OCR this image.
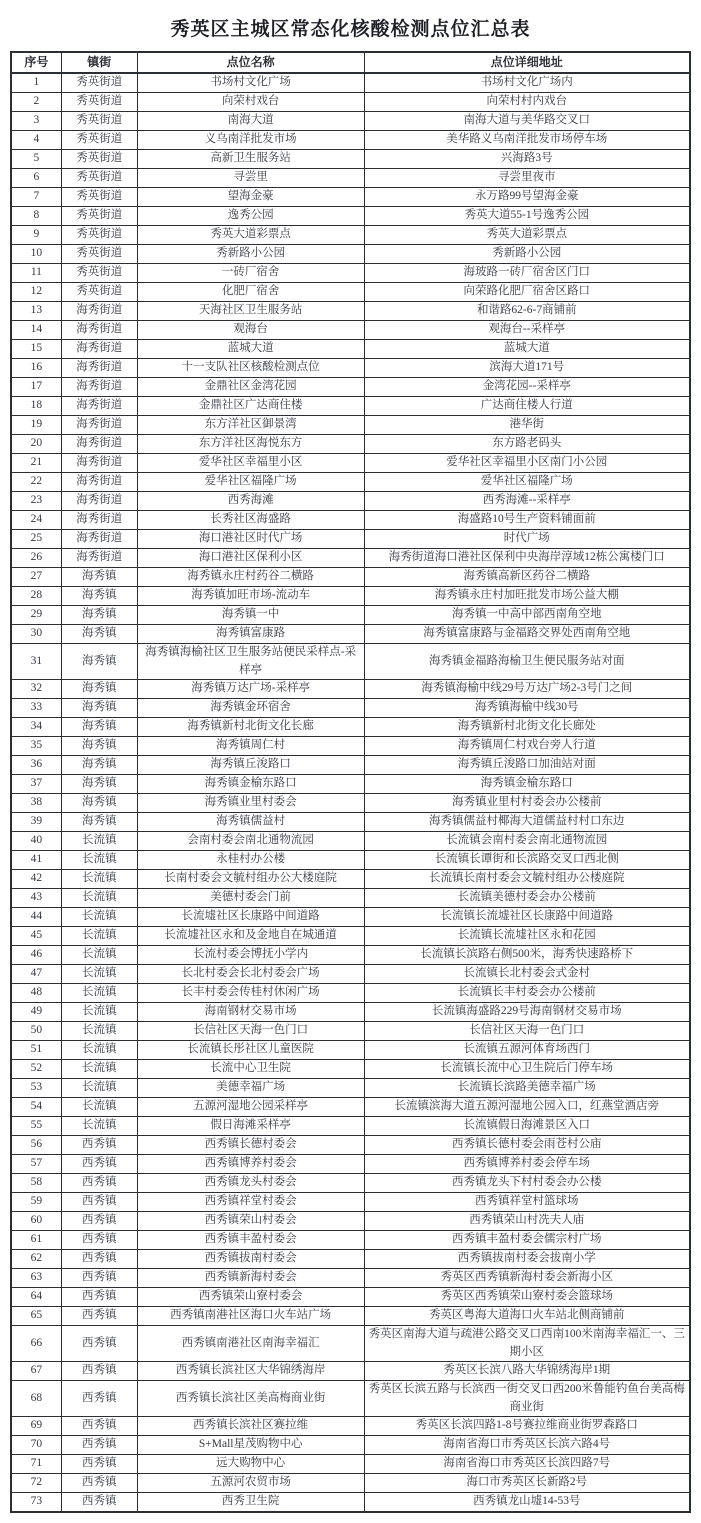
秀英区主城区常态化核酸检测点位汇总表
序号	镇街	点位名称	点位详细地址
1	秀英街道	书场村文化广场	书场村文化广场内
2	秀英街道	向荣村戏台	向荣村村内戏台
3	秀英街道	南海大道	南海大道与美华路交叉口
4	秀英街道	义乌南洋批发市场	美华路义乌南洋批发市场停车场
5	秀英街道	高新卫生服务站	兴海路3号
6	秀英街道	寻尝里	寻尝里夜市
7	秀英街道	望海金豪	永万路99号望海金豪
8	秀英街道	逸秀公园	秀英大道55-1号逸秀公园
9	秀英街道	秀英大道彩票点	秀英大道彩票点
10	秀英街道	秀新路小公园	秀新路小公园
11	秀英街道	一砖厂宿舍	海玻路一砖厂宿舍区门口
12	秀英街道	化肥厂宿舍	向荣路化肥厂宿舍区路口
13	海秀街道	天海社区卫生服务站	和谐路62-6-7商铺前
14	海秀街道	观海台	观海台--采样亭
15	海秀街道	蓝城大道	蓝城大道
16	海秀街道	十一支队社区核酸检测点位	滨海大道171号
17	海秀街道	金鼎社区金湾花园	金湾花园--采样亭
18	海秀街道	金鼎社区广达商住楼	广达商住楼人行道
19	海秀街道	东方洋社区御景湾	港华街
20	海秀街道	东方洋社区海悦东方	东方路老码头
21	海秀街道	爱华社区幸福里小区	爱华社区幸福里小区南门小公园
22	海秀街道	爱华社区福隆广场	爱华社区福隆广场
23	海秀街道	西秀海滩	西秀海滩--采样亭
24	海秀街道	长秀社区海盛路	海盛路10号生产资料铺面前
25	海秀街道	海口港社区时代广场	时代广场
26	海秀街道	海口港社区保利小区	海秀街道海口港社区保利中央海岸淳域12栋公寓楼门口
27	海秀镇	海秀镇永庄村药谷二横路	海秀镇高新区药谷二横路
28	海秀镇	海秀镇加旺市场-流动车	海秀镇永庄村加旺批发市场公益大棚
29	海秀镇	海秀镇一中	海秀镇一中高中部西南角空地
30	海秀镇	海秀镇富康路	海秀镇富康路与金福路交界处西南角空地
31	海秀镇	海秀镇海榆社区卫生服务站便民采样点-采样亭	海秀镇金福路海榆卫生便民服务站对面
32	海秀镇	海秀镇万达广场-采样亭	海秀镇海榆中线29号万达广场2-3号门之间
33	海秀镇	海秀镇金环宿舍	海秀镇海榆中线30号
34	海秀镇	海秀镇新村北街文化长廊	海秀镇新村北街文化长廊处
35	海秀镇	海秀镇周仁村	海秀镇周仁村戏台旁人行道
36	海秀镇	海秀镇丘浚路口	海秀镇丘浚路口加油站对面
37	海秀镇	海秀镇金榆东路口	海秀镇金榆东路口
38	海秀镇	海秀镇业里村委会	海秀镇业里村村委会办公楼前
39	海秀镇	海秀镇儒益村	海秀镇儒益村椰海大道儒益村村口东边
40	长流镇	会南村委会南北通物流园	长流镇会南村委会南北通物流园
41	长流镇	永桂村办公楼	长流镇长谭街和长滨路交叉口西北侧
42	长流镇	长南村委会文毓村组办公大楼庭院	长流镇长南村委会文毓村组办公楼庭院
43	长流镇	美德村委会门前	长流镇美德村委会办公楼前
44	长流镇	长流墟社区长康路中间道路	长流镇长流墟社区长康路中间道路
45	长流镇	长流墟社区永和及金地自在城通道	长流镇长流墟社区永和花园
46	长流镇	长流村委会博抚小学内	长流镇长滨路右侧500米，海秀快速路桥下
47	长流镇	长北村委会长北村委会广场	长流镇长北村委会式金村
48	长流镇	长丰村委会传桂村休闲广场	长流镇长丰村委会办公楼前
49	长流镇	海南钢材交易市场	长流镇海盛路229号海南钢材交易市场
50	长流镇	长信社区天海一色门口	长信社区天海一色门口
51	长流镇	长流镇长彤社区儿童医院	长流镇五源河体育场西门
52	长流镇	长流中心卫生院	长流镇长流中心卫生院后门停车场
53	长流镇	美德幸福广场	长流镇长滨路美德幸福广场
54	长流镇	五源河湿地公园采样亭	长流镇滨海大道五源河湿地公园入口，红燕堂酒店旁
55	长流镇	假日海滩采样亭	长流镇假日海滩景区入口
56	西秀镇	西秀镇长德村委会	西秀镇长德村委会雨苍村公庙
57	西秀镇	西秀镇博养村委会	西秀镇博养村委会停车场
58	西秀镇	西秀镇龙头村委会	西秀镇龙头下村村委会办公楼
59	西秀镇	西秀镇祥堂村委会	西秀镇祥堂村篮球场
60	西秀镇	西秀镇荣山村委会	西秀镇荣山村冼夫人庙
61	西秀镇	西秀镇丰盈村委会	西秀镇丰盈村委会儒宗村广场
62	西秀镇	西秀镇拔南村委会	西秀镇拔南村委会拔南小学
63	西秀镇	西秀镇新海村委会	秀英区西秀镇新海村委会新海小区
64	西秀镇	西秀镇荣山寮村委会	秀英区西秀镇荣山寮村委会篮球场
65	西秀镇	西秀镇南港社区海口火车站广场	秀英区粤海大道海口火车站北侧商铺前
66	西秀镇	西秀镇南港社区南海幸福汇	秀英区南海大道与疏港公路交叉口西南100米南海幸福汇一、三期小区
67	西秀镇	西秀镇长滨社区大华锦绣海岸	秀英区长滨八路大华锦绣海岸1期
68	西秀镇	西秀镇长滨社区美高梅商业街	秀英区长滨五路与长滨西一街交叉口西200米鲁能钓鱼台美高梅商业街
69	西秀镇	西秀镇长滨社区赛拉维	秀英区长滨四路1-8号赛拉维商业街罗森路口
70	西秀镇	S+Mall星茂购物中心	海南省海口市秀英区长滨六路4号
71	西秀镇	远大购物中心	海南省海口市秀英区长滨四路7号
72	西秀镇	五源河农贸市场	海口市秀英区长新路2号
73	西秀镇	西秀卫生院	西秀镇龙山墟14-53号
